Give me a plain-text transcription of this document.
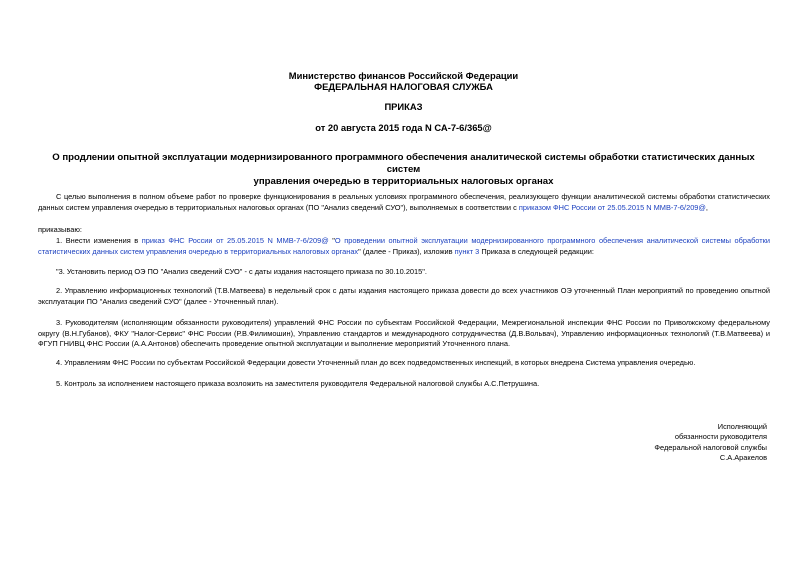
Министерство финансов Российской Федерации
ФЕДЕРАЛЬНАЯ НАЛОГОВАЯ СЛУЖБА
ПРИКАЗ
от 20 августа 2015 года N СА-7-6/365@
О продлении опытной эксплуатации модернизированного программного обеспечения аналитической системы обработки статистических данных систем
управления очередью в территориальных налоговых органах
С целью выполнения в полном объеме работ по проверке функционирования в реальных условиях программного обеспечения, реализующего функции аналитической системы обработки статистических данных систем управления очередью в территориальных налоговых органах (ПО "Анализ сведений СУО"), выполняемых в соответствии с приказом ФНС России от 25.05.2015 N ММВ-7-6/209@,
приказываю:
1. Внести изменения в приказ ФНС России от 25.05.2015 N ММВ-7-6/209@ "О проведении опытной эксплуатации модернизированного программного обеспечения аналитической системы обработки статистических данных систем управления очередью в территориальных налоговых органах" (далее - Приказ), изложив пункт 3 Приказа в следующей редакции:
"3. Установить период ОЭ ПО "Анализ сведений СУО" - с даты издания настоящего приказа по 30.10.2015".
2. Управлению информационных технологий (Т.В.Матвеева) в недельный срок с даты издания настоящего приказа довести до всех участников ОЭ уточненный План мероприятий по проведению опытной эксплуатации ПО "Анализ сведений СУО" (далее - Уточненный план).
3. Руководителям (исполняющим обязанности руководителя) управлений ФНС России по субъектам Российской Федерации, Межрегиональной инспекции ФНС России по Приволжскому федеральному округу (В.Н.Губанов), ФКУ "Налог-Сервис" ФНС России (Р.В.Филимошин), Управлению стандартов и международного сотрудничества (Д.В.Вольвач), Управлению информационных технологий (Т.В.Матвеева) и ФГУП ГНИВЦ ФНС России (А.А.Антонов) обеспечить проведение опытной эксплуатации и выполнение мероприятий Уточненного плана.
4. Управлениям ФНС России по субъектам Российской Федерации довести Уточненный план до всех подведомственных инспекций, в которых внедрена Система управления очередью.
5. Контроль за исполнением настоящего приказа возложить на заместителя руководителя Федеральной налоговой службы А.С.Петрушина.
Исполняющий
обязанности руководителя
Федеральной налоговой службы
С.А.Аракелов
